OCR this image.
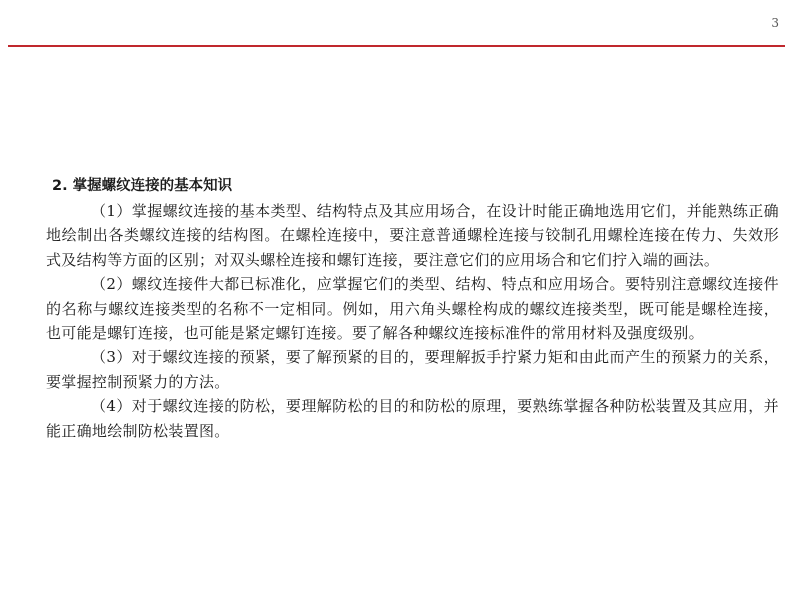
3
2. 掌握螺纹连接的基本知识

（1）掌握螺纹连接的基本类型、结构特点及其应用场合，在设计时能正确地选用它们，并能熟练正确地绘制出各类螺纹连接的结构图。在螺栓连接中，要注意普通螺栓连接与铰制孔用螺栓连接在传力、失效形式及结构等方面的区别；对双头螺栓连接和螺钉连接，要注意它们的应用场合和它们拧入端的画法。

（2）螺纹连接件大都已标准化，应掌握它们的类型、结构、特点和应用场合。要特别注意螺纹连接件的名称与螺纹连接类型的名称不一定相同。例如，用六角头螺栓构成的螺纹连接类型，既可能是螺栓连接，也可能是螺钉连接，也可能是紧定螺钉连接。要了解各种螺纹连接标准件的常用材料及强度级别。

（3）对于螺纹连接的预紧，要了解预紧的目的，要理解扳手拧紧力矩和由此而产生的预紧力的关系，要掌握控制预紧力的方法。

（4）对于螺纹连接的防松，要理解防松的目的和防松的原理，要熟练掌握各种防松装置及其应用，并能正确地绘制防松装置图。
